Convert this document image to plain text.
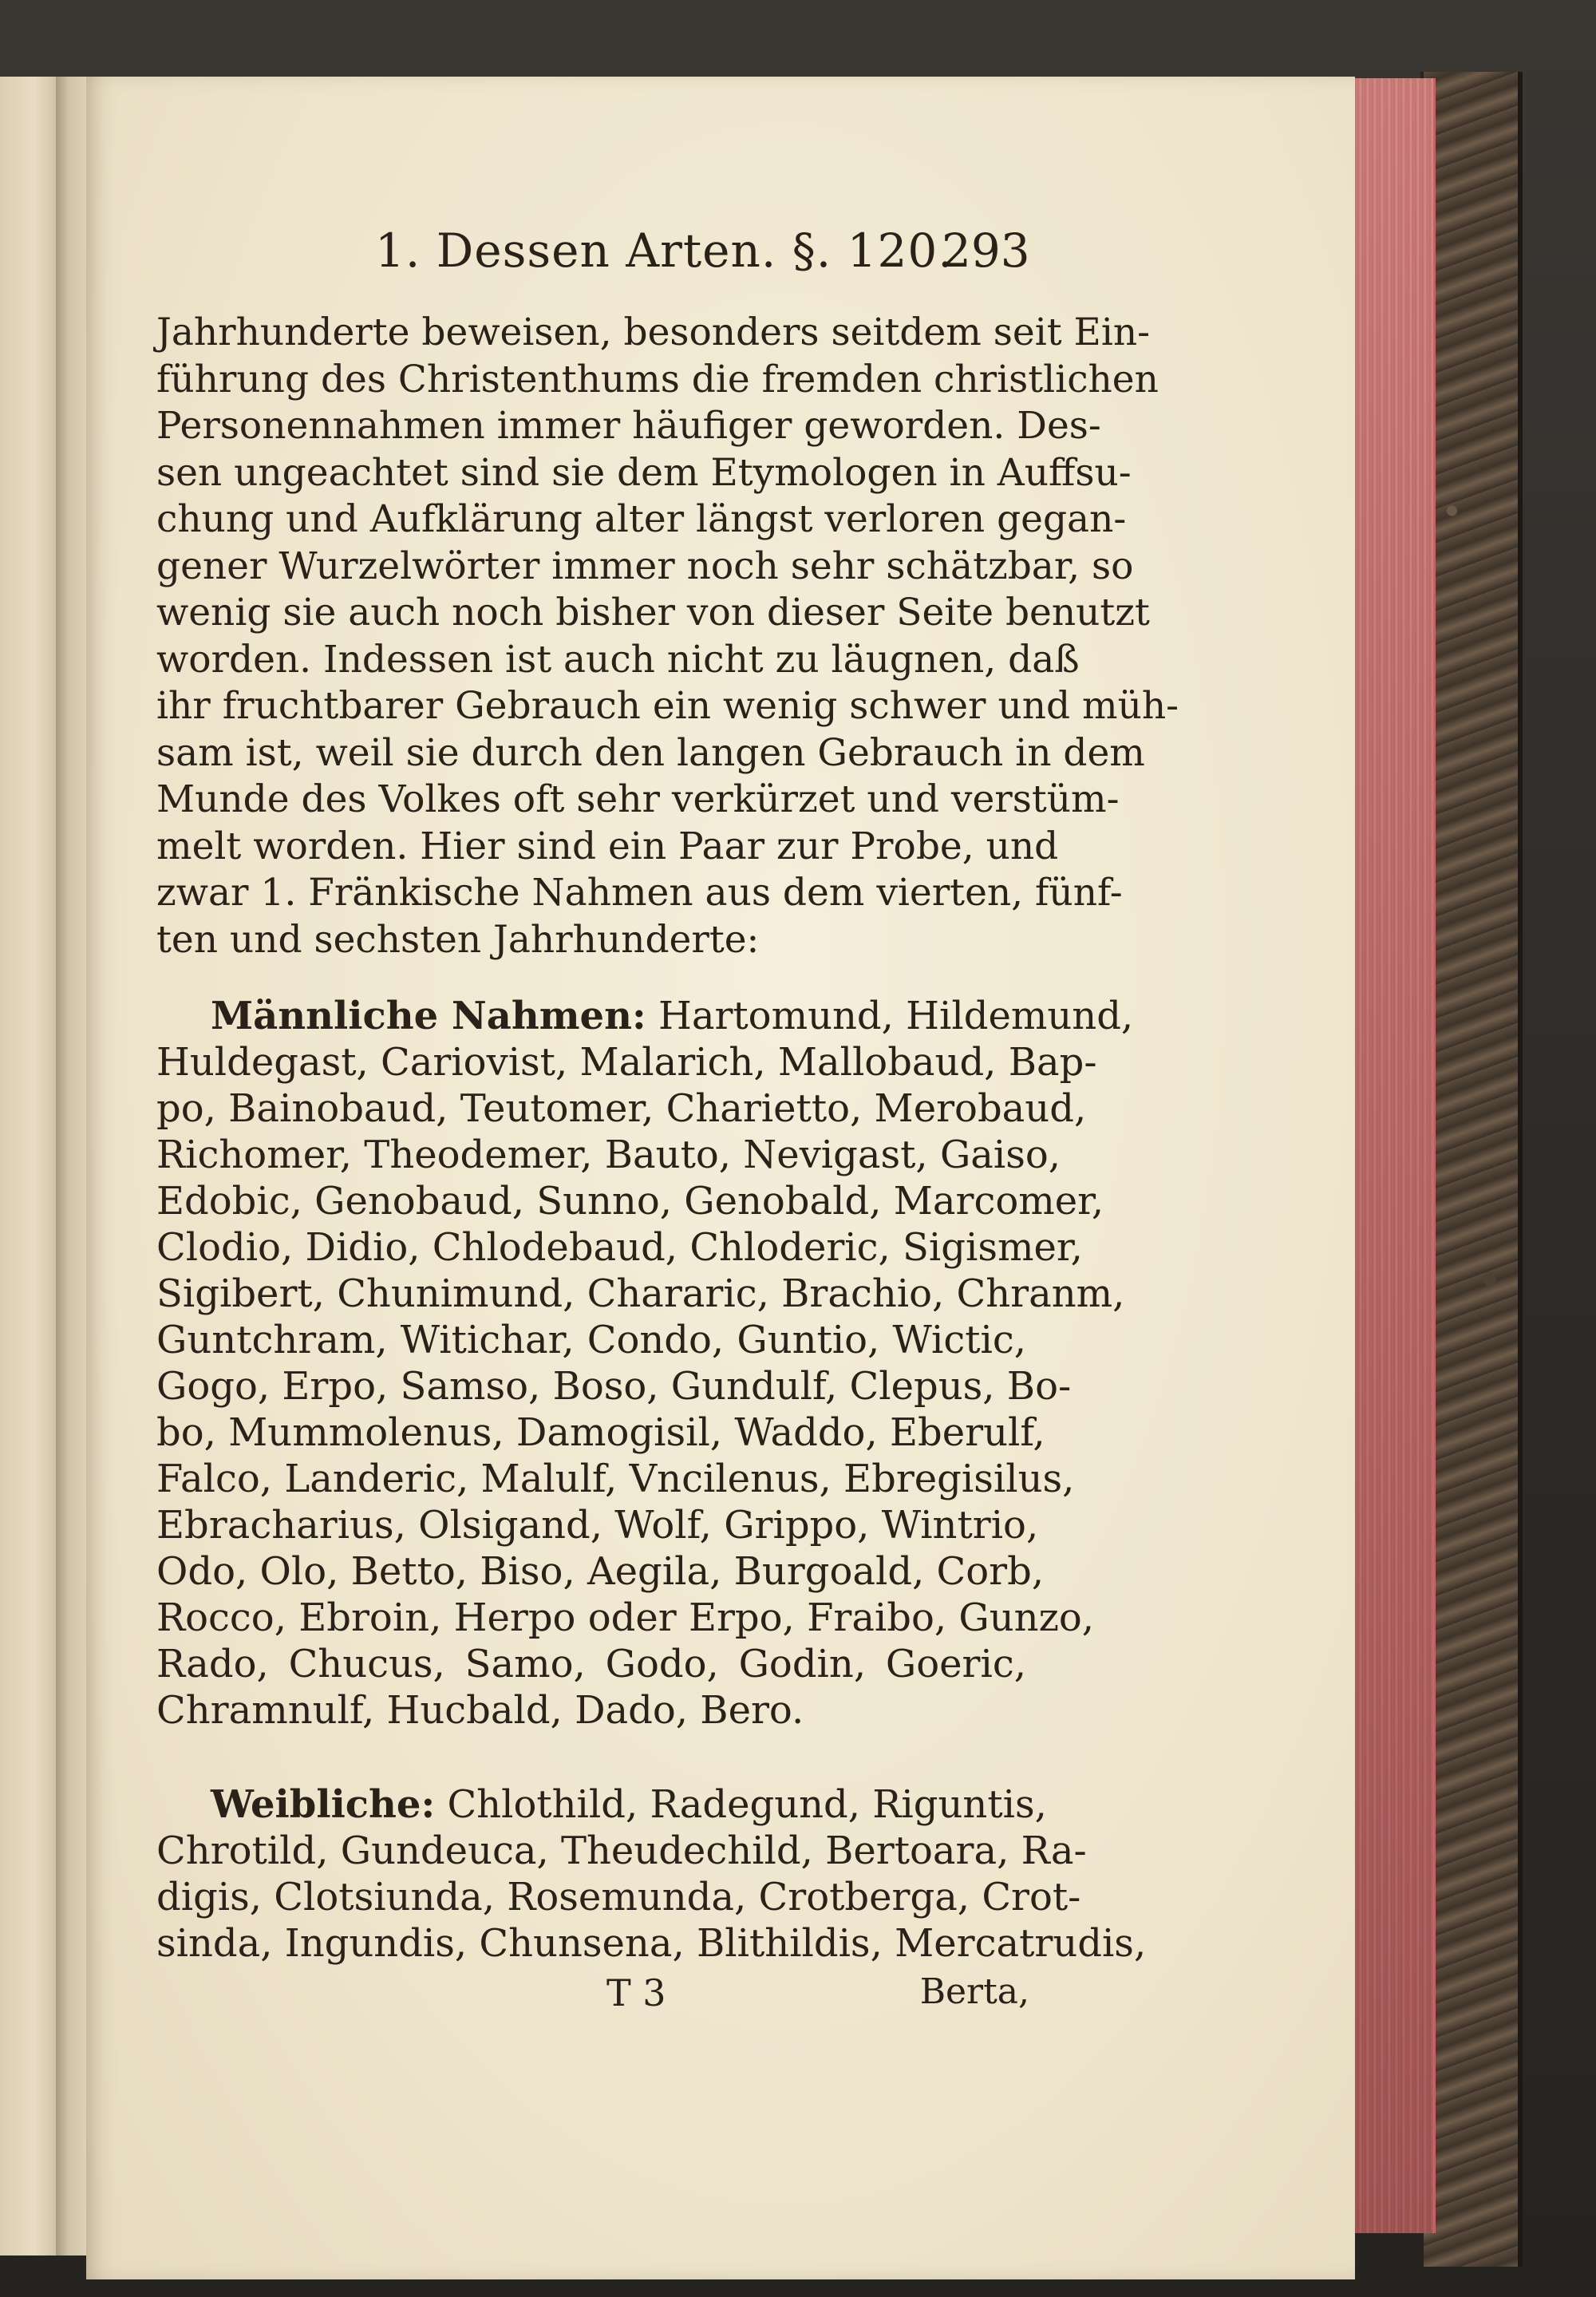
1. Dessen Arten. §. 120.
293
Jahrhunderte beweisen, besonders seitdem seit Ein-
führung des Christenthums die fremden christlichen
Personennahmen immer häufiger geworden. Des-
sen ungeachtet sind sie dem Etymologen in Auffsu-
chung und Aufklärung alter längst verloren gegan-
gener Wurzelwörter immer noch sehr schätzbar, so
wenig sie auch noch bisher von dieser Seite benutzt
worden. Indessen ist auch nicht zu läugnen, daß
ihr fruchtbarer Gebrauch ein wenig schwer und müh-
sam ist, weil sie durch den langen Gebrauch in dem
Munde des Volkes oft sehr verkürzet und verstüm-
melt worden. Hier sind ein Paar zur Probe, und
zwar 1. Fränkische Nahmen aus dem vierten, fünf-
ten und sechsten Jahrhunderte:
Männliche Nahmen: Hartomund, Hildemund,
Huldegast, Cariovist, Malarich, Mallobaud, Bap-
po, Bainobaud, Teutomer, Charietto, Merobaud,
Richomer, Theodemer, Bauto, Nevigast, Gaiso,
Edobic, Genobaud, Sunno, Genobald, Marcomer,
Clodio, Didio, Chlodebaud, Chloderic, Sigismer,
Sigibert, Chunimund, Chararic, Brachio, Chranm,
Guntchram, Witichar, Condo, Guntio, Wictic,
Gogo, Erpo, Samso, Boso, Gundulf, Clepus, Bo-
bo, Mummolenus, Damogisil, Waddo, Eberulf,
Falco, Landeric, Malulf, Vncilenus, Ebregisilus,
Ebracharius, Olsigand, Wolf, Grippo, Wintrio,
Odo, Olo, Betto, Biso, Aegila, Burgoald, Corb,
Rocco, Ebroin, Herpo oder Erpo, Fraibo, Gunzo,
Rado, Chucus, Samo, Godo, Godin, Goeric,
Chramnulf, Hucbald, Dado, Bero.
Weibliche: Chlothild, Radegund, Riguntis,
Chrotild, Gundeuca, Theudechild, Bertoara, Ra-
digis, Clotsiunda, Rosemunda, Crotberga, Crot-
sinda, Ingundis, Chunsena, Blithildis, Mercatrudis,
T 3	Berta,
